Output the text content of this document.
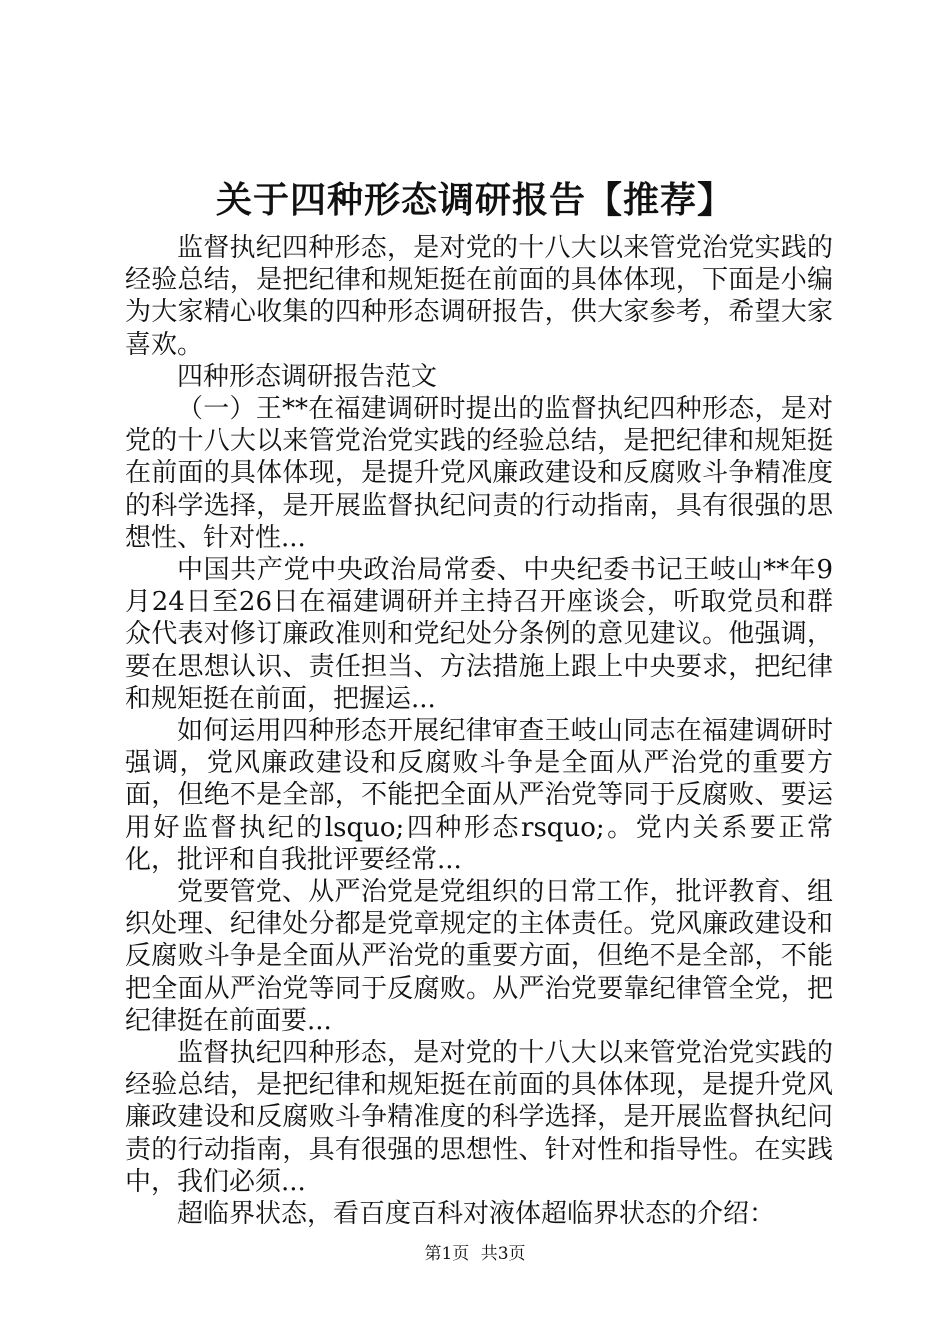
关于四种形态调研报告【推荐】

监督执纪四种形态，是对党的十八大以来管党治党实践的经验总结，是把纪律和规矩挺在前面的具体体现，下面是小编为大家精心收集的四种形态调研报告，供大家参考，希望大家喜欢。

四种形态调研报告范文

（一）王**在福建调研时提出的监督执纪四种形态，是对党的十八大以来管党治党实践的经验总结，是把纪律和规矩挺在前面的具体体现，是提升党风廉政建设和反腐败斗争精准度的科学选择，是开展监督执纪问责的行动指南，具有很强的思想性、针对性...

中国共产党中央政治局常委、中央纪委书记王岐山**年9月24日至26日在福建调研并主持召开座谈会，听取党员和群众代表对修订廉政准则和党纪处分条例的意见建议。他强调，要在思想认识、责任担当、方法措施上跟上中央要求，把纪律和规矩挺在前面，把握运...

如何运用四种形态开展纪律审查王岐山同志在福建调研时强调，党风廉政建设和反腐败斗争是全面从严治党的重要方面，但绝不是全部，不能把全面从严治党等同于反腐败、要运用好监督执纪的lsquo;四种形态rsquo;。党内关系要正常化，批评和自我批评要经常...

党要管党、从严治党是党组织的日常工作，批评教育、组织处理、纪律处分都是党章规定的主体责任。党风廉政建设和反腐败斗争是全面从严治党的重要方面，但绝不是全部，不能把全面从严治党等同于反腐败。从严治党要靠纪律管全党，把纪律挺在前面要...

监督执纪四种形态，是对党的十八大以来管党治党实践的经验总结，是把纪律和规矩挺在前面的具体体现，是提升党风廉政建设和反腐败斗争精准度的科学选择，是开展监督执纪问责的行动指南，具有很强的思想性、针对性和指导性。在实践中，我们必须...

超临界状态，看百度百科对液体超临界状态的介绍：

第1页 共3页
